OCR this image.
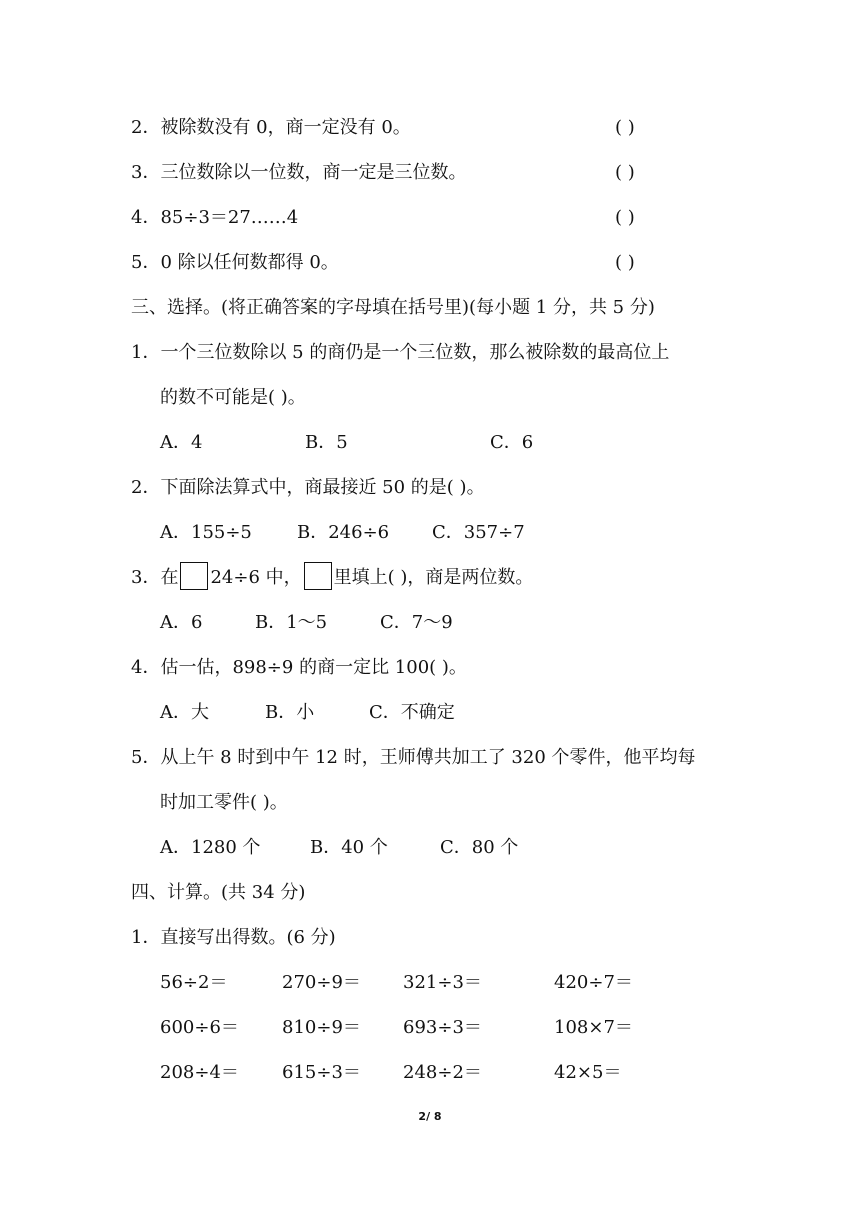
2．被除数没有 0，商一定没有 0。	( )
3．三位数除以一位数，商一定是三位数。	( )
4．85÷3＝27……4	( )
5．0 除以任何数都得 0。	( )
三、选择。(将正确答案的字母填在括号里)(每小题 1 分，共 5 分)
1．一个三位数除以 5 的商仍是一个三位数，那么被除数的最高位上
的数不可能是( )。
A．4	B．5	C．6
2．下面除法算式中，商最接近 50 的是( )。
A．155÷5	B．246÷6 C．357÷7
3．在 24÷6 中， 里填上( )，商是两位数。
A．6	B．1～5	C．7～9
4．估一估，898÷9 的商一定比 100( )。
A．大	B．小	C．不确定
5．从上午 8 时到中午 12 时，王师傅共加工了 320 个零件，他平均每
时加工零件( )。
A．1280 个	B．40 个	C．80 个
四、计算。(共 34 分)
1．直接写出得数。(6 分)
56÷2＝	270÷9＝ 321÷3＝	420÷7＝
600÷6＝ 810÷9＝ 693÷3＝	108×7＝
208÷4＝ 615÷3＝ 248÷2＝	42×5＝
2/ 8
